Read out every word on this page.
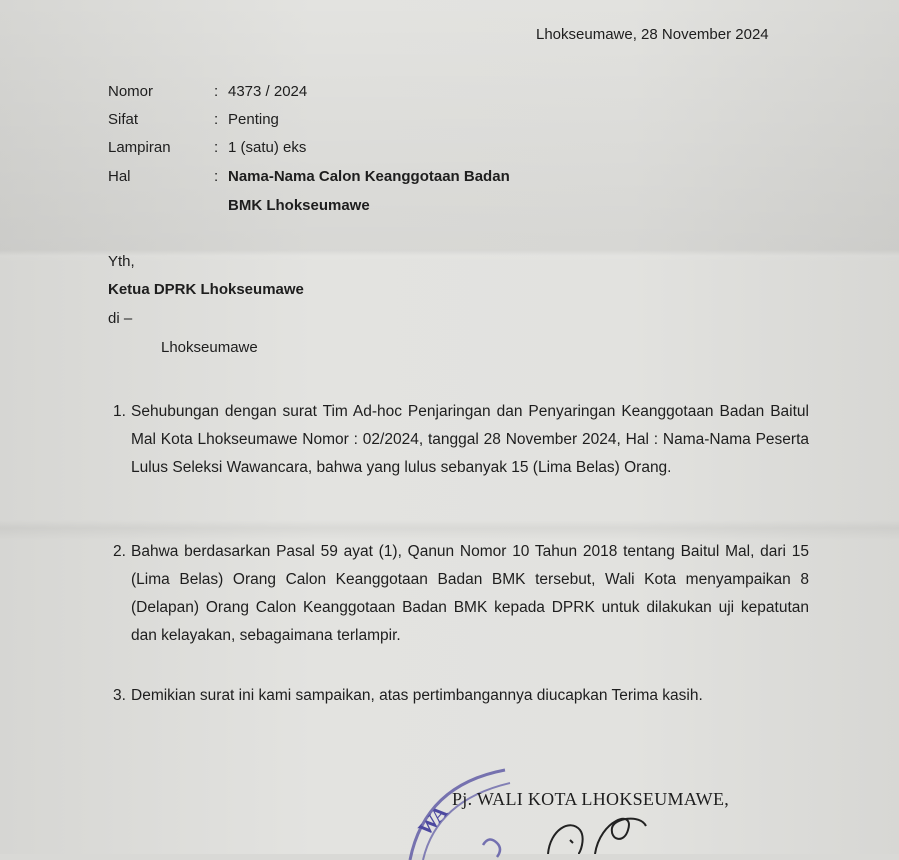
Lhokseumawe, 28 November 2024
Nomor	: 4373 / 2024
Sifat	: Penting
Lampiran	: 1 (satu) eks
Hal	: Nama-Nama Calon Keanggotaan Badan
BMK Lhokseumawe
Yth,
Ketua DPRK Lhokseumawe
di –
Lhokseumawe
1. Sehubungan dengan surat Tim Ad-hoc Penjaringan dan Penyaringan Keanggotaan Badan Baitul Mal Kota Lhokseumawe Nomor : 02/2024, tanggal 28 November 2024, Hal : Nama-Nama Peserta Lulus Seleksi Wawancara, bahwa yang lulus sebanyak 15 (Lima Belas) Orang.
2. Bahwa berdasarkan Pasal 59 ayat (1), Qanun Nomor 10 Tahun 2018 tentang Baitul Mal, dari 15 (Lima Belas) Orang Calon Keanggotaan Badan BMK tersebut, Wali Kota menyampaikan 8 (Delapan) Orang Calon Keanggotaan Badan BMK kepada DPRK untuk dilakukan uji kepatutan dan kelayakan, sebagaimana terlampir.
3. Demikian surat ini kami sampaikan, atas pertimbangannya diucapkan Terima kasih.
WA
Pj. WALI KOTA LHOKSEUMAWE,
